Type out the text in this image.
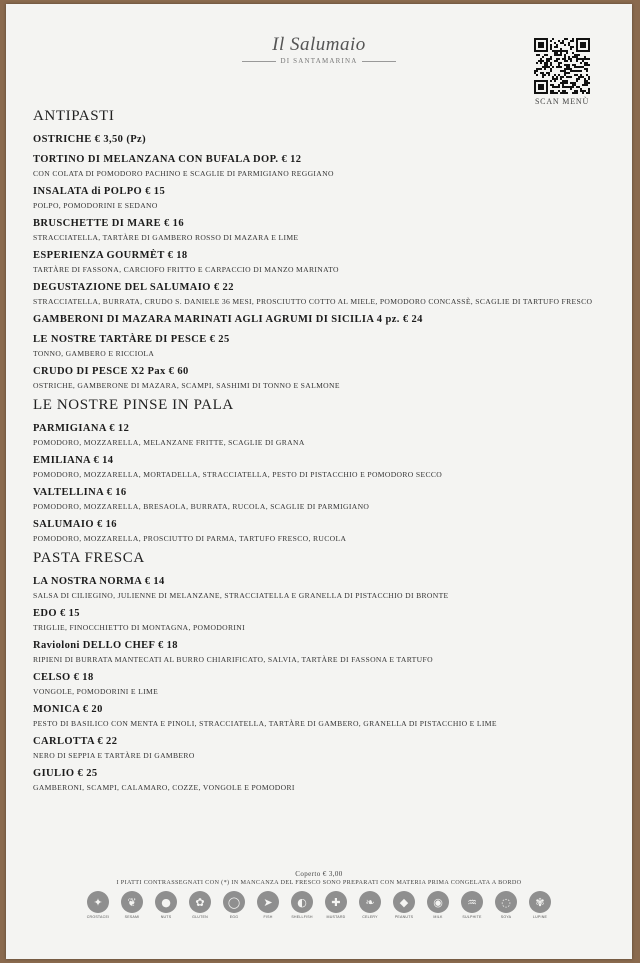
Il Salumaio
DI SANTAMARINA
SCAN MENÙ
ANTIPASTI
OSTRICHE € 3,50 (Pz)
TORTINO DI MELANZANA CON BUFALA DOP. € 12
CON COLATA DI POMODORO PACHINO E SCAGLIE DI PARMIGIANO REGGIANO
INSALATA di POLPO € 15
POLPO, POMODORINI E SEDANO
BRUSCHETTE DI MARE € 16
STRACCIATELLA, TARTÀRE DI GAMBERO ROSSO DI MAZARA E LIME
ESPERIENZA GOURMÈT € 18
TARTÀRE DI FASSONA, CARCIOFO FRITTO E CARPACCIO DI MANZO MARINATO
DEGUSTAZIONE DEL SALUMAIO € 22
STRACCIATELLA, BURRATA, CRUDO S. DANIELE 36 MESI, PROSCIUTTO COTTO AL MIELE, POMODORO CONCASSÈ, SCAGLIE DI TARTUFO FRESCO
GAMBERONI DI MAZARA MARINATI AGLI AGRUMI DI SICILIA 4 pz. € 24
LE NOSTRE TARTÀRE DI PESCE € 25
TONNO, GAMBERO E RICCIOLA
CRUDO DI PESCE X2 Pax € 60
OSTRICHE, GAMBERONE DI MAZARA, SCAMPI, SASHIMI DI TONNO E SALMONE
LE NOSTRE PINSE IN PALA
PARMIGIANA € 12
POMODORO, MOZZARELLA, MELANZANE FRITTE, SCAGLIE DI GRANA
EMILIANA € 14
POMODORO, MOZZARELLA, MORTADELLA, STRACCIATELLA, PESTO DI PISTACCHIO E POMODORO SECCO
VALTELLINA € 16
POMODORO, MOZZARELLA, BRESAOLA, BURRATA, RUCOLA, SCAGLIE DI PARMIGIANO
SALUMAIO € 16
POMODORO, MOZZARELLA, PROSCIUTTO DI PARMA, TARTUFO FRESCO, RUCOLA
PASTA FRESCA
LA NOSTRA NORMA € 14
SALSA DI CILIEGINO, JULIENNE DI MELANZANE, STRACCIATELLA E GRANELLA DI PISTACCHIO DI BRONTE
EDO € 15
TRIGLIE, FINOCCHIETTO DI MONTAGNA, POMODORINI
Ravioloni DELLO CHEF € 18
RIPIENI DI BURRATA MANTECATI AL BURRO CHIARIFICATO, SALVIA, TARTÀRE DI FASSONA E TARTUFO
CELSO € 18
VONGOLE, POMODORINI E LIME
MONICA € 20
PESTO DI BASILICO CON MENTA E PINOLI, STRACCIATELLA, TARTÀRE DI GAMBERO, GRANELLA DI PISTACCHIO E LIME
CARLOTTA € 22
NERO DI SEPPIA E TARTÀRE DI GAMBERO
GIULIO € 25
GAMBERONI, SCAMPI, CALAMARO, COZZE, VONGOLE E POMODORI
Coperto € 3,00
I PIATTI CONTRASSEGNATI CON (*) IN MANCANZA DEL FRESCO SONO PREPARATI CON MATERIA PRIMA CONGELATA A BORDO
✦
CROSTACEI
❦
SESAMI
●
NUTS
✿
GLUTEN
◯
EGG
➤
FISH
◐
SHELLFISH
✚
MUSTARD
❧
CELERY
◆
PEANUTS
◉
MILK
♒
SULPHITE
◌
SOYA
✾
LUPINE
